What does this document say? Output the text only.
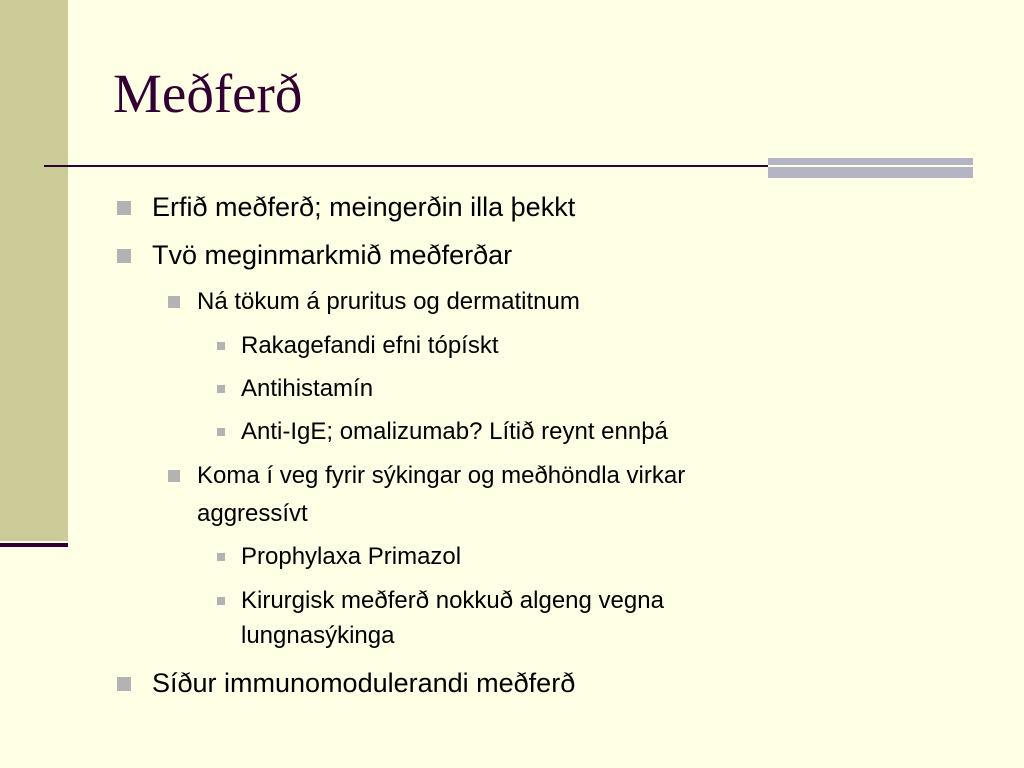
Meðferð
Erfið meðferð; meingerðin illa þekkt
Tvö meginmarkmið meðferðar
Ná tökum á pruritus og dermatitnum
Rakagefandi efni tópískt
Antihistamín
Anti-IgE; omalizumab? Lítið reynt ennþá
Koma í veg fyrir sýkingar og meðhöndla virkar
aggressívt
Prophylaxa Primazol
Kirurgisk meðferð nokkuð algeng vegna
lungnasýkinga
Síður immunomodulerandi meðferð
